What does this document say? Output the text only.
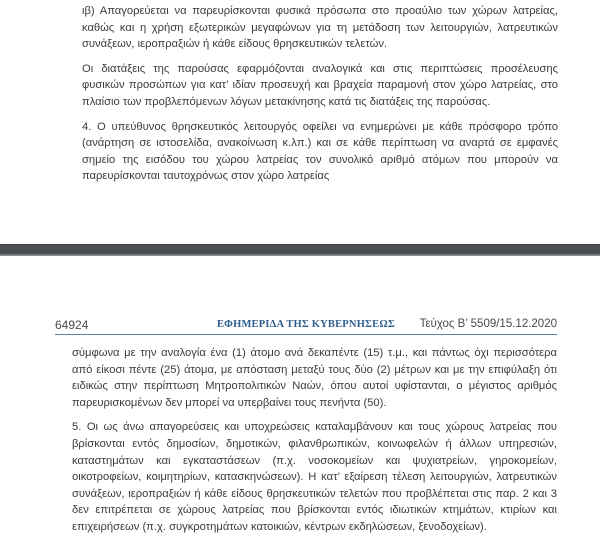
ιβ) Απαγορεύεται να παρευρίσκονται φυσικά πρόσωπα στο προαύλιο των χώρων λατρείας, καθώς και η χρήση εξωτερικών μεγαφώνων για τη μετάδοση των λειτουργιών, λατρευτικών συνάξεων, ιεροπραξιών ή κάθε είδους θρησκευτικών τελετών.

Οι διατάξεις της παρούσας εφαρμόζονται αναλογικά και στις περιπτώσεις προσέλευσης φυσικών προσώπων για κατ’ ιδίαν προσευχή και βραχεία παραμονή στον χώρο λατρείας, στο πλαίσιο των προβλεπόμενων λόγων μετακίνησης κατά τις διατάξεις της παρούσας.

4. Ο υπεύθυνος θρησκευτικός λειτουργός οφείλει να ενημερώνει με κάθε πρόσφορο τρόπο (ανάρτηση σε ιστοσελίδα, ανακοίνωση κ.λπ.) και σε κάθε περίπτωση να αναρτά σε εμφανές σημείο της εισόδου του χώρου λατρείας τον συνολικό αριθμό ατόμων που μπορούν να παρευρίσκονται ταυτοχρόνως στον χώρο λατρείας

64924	ΕΦΗΜΕΡΙΔΑ ΤΗΣ ΚΥΒΕΡΝΗΣΕΩΣ	Τεύχος B’ 5509/15.12.2020

σύμφωνα με την αναλογία ένα (1) άτομο ανά δεκαπέντε (15) τ.μ., και πάντως όχι περισσότερα από είκοσι πέντε (25) άτομα, με απόσταση μεταξύ τους δύο (2) μέτρων και με την επιφύλαξη ότι ειδικώς στην περίπτωση Μητροπολιτικών Ναών, όπου αυτοί υφίστανται, ο μέγιστος αριθμός παρευρισκομένων δεν μπορεί να υπερβαίνει τους πενήντα (50).

5. Οι ως άνω απαγορεύσεις και υποχρεώσεις καταλαμβάνουν και τους χώρους λατρείας που βρίσκονται εντός δημοσίων, δημοτικών, φιλανθρωπικών, κοινωφελών ή άλλων υπηρεσιών, καταστημάτων και εγκαταστάσεων (π.χ. νοσοκομείων και ψυχιατρείων, γηροκομείων, οικοτροφείων, κοιμητηρίων, κατασκηνώσεων). Η κατ’ εξαίρεση τέλεση λειτουργιών, λατρευτικών συνάξεων, ιεροπραξιών ή κάθε είδους θρησκευτικών τελετών που προβλέπεται στις παρ. 2 και 3 δεν επιτρέπεται σε χώρους λατρείας που βρίσκονται εντός ιδιωτικών κτημάτων, κτιρίων και επιχειρήσεων (π.χ. συγκροτημάτων κατοικιών, κέντρων εκδηλώσεων, ξενοδοχείων).
